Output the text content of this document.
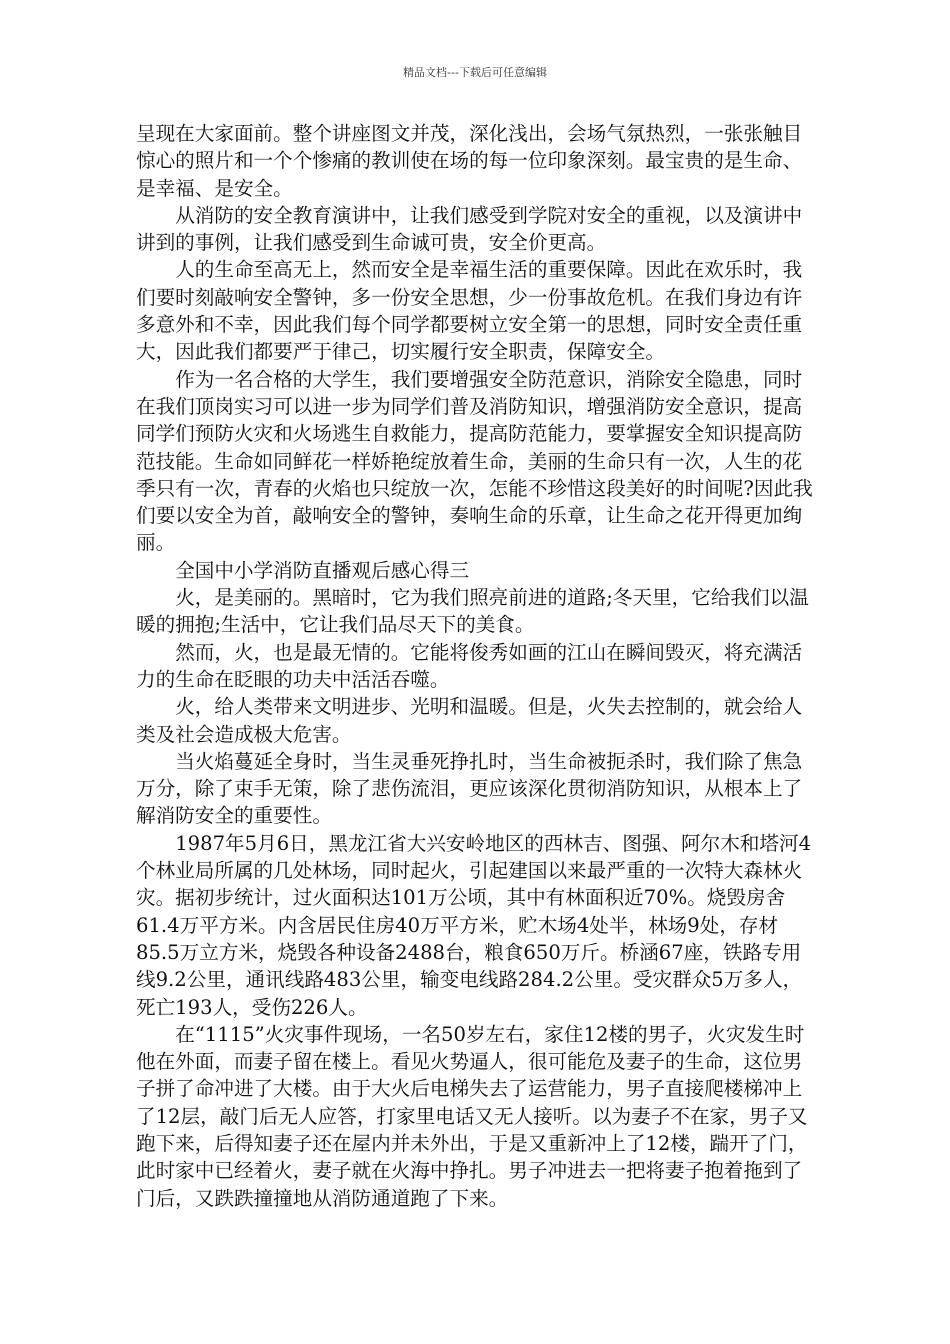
精品文档---下载后可任意编辑

呈现在大家面前。整个讲座图文并茂，深化浅出，会场气氛热烈，一张张触目惊心的照片和一个个惨痛的教训使在场的每一位印象深刻。最宝贵的是生命、是幸福、是安全。

从消防的安全教育演讲中，让我们感受到学院对安全的重视，以及演讲中讲到的事例，让我们感受到生命诚可贵，安全价更高。

人的生命至高无上，然而安全是幸福生活的重要保障。因此在欢乐时，我们要时刻敲响安全警钟，多一份安全思想，少一份事故危机。在我们身边有许多意外和不幸，因此我们每个同学都要树立安全第一的思想，同时安全责任重大，因此我们都要严于律己，切实履行安全职责，保障安全。

作为一名合格的大学生，我们要增强安全防范意识，消除安全隐患，同时在我们顶岗实习可以进一步为同学们普及消防知识，增强消防安全意识，提高同学们预防火灾和火场逃生自救能力，提高防范能力，要掌握安全知识提高防范技能。生命如同鲜花一样娇艳绽放着生命，美丽的生命只有一次，人生的花季只有一次，青春的火焰也只绽放一次，怎能不珍惜这段美好的时间呢?因此我们要以安全为首，敲响安全的警钟，奏响生命的乐章，让生命之花开得更加绚丽。

全国中小学消防直播观后感心得三

火，是美丽的。黑暗时，它为我们照亮前进的道路;冬天里，它给我们以温暖的拥抱;生活中，它让我们品尽天下的美食。

然而，火，也是最无情的。它能将俊秀如画的江山在瞬间毁灭，将充满活力的生命在眨眼的功夫中活活吞噬。

火，给人类带来文明进步、光明和温暖。但是，火失去控制的，就会给人类及社会造成极大危害。

当火焰蔓延全身时，当生灵垂死挣扎时，当生命被扼杀时，我们除了焦急万分，除了束手无策，除了悲伤流泪，更应该深化贯彻消防知识，从根本上了解消防安全的重要性。

1987年5月6日，黑龙江省大兴安岭地区的西林吉、图强、阿尔木和塔河4个林业局所属的几处林场，同时起火，引起建国以来最严重的一次特大森林火灾。据初步统计，过火面积达101万公顷，其中有林面积近70%。烧毁房舍61.4万平方米。内含居民住房40万平方米，贮木场4处半，林场9处，存材85.5万立方米，烧毁各种设备2488台，粮食650万斤。桥涵67座，铁路专用线9.2公里，通讯线路483公里，输变电线路284.2公里。受灾群众5万多人，死亡193人，受伤226人。

在“1115”火灾事件现场，一名50岁左右，家住12楼的男子，火灾发生时他在外面，而妻子留在楼上。看见火势逼人，很可能危及妻子的生命，这位男子拼了命冲进了大楼。由于大火后电梯失去了运营能力，男子直接爬楼梯冲上了12层，敲门后无人应答，打家里电话又无人接听。以为妻子不在家，男子又跑下来，后得知妻子还在屋内并未外出，于是又重新冲上了12楼，踹开了门，此时家中已经着火，妻子就在火海中挣扎。男子冲进去一把将妻子抱着拖到了门后，又跌跌撞撞地从消防通道跑了下来。
